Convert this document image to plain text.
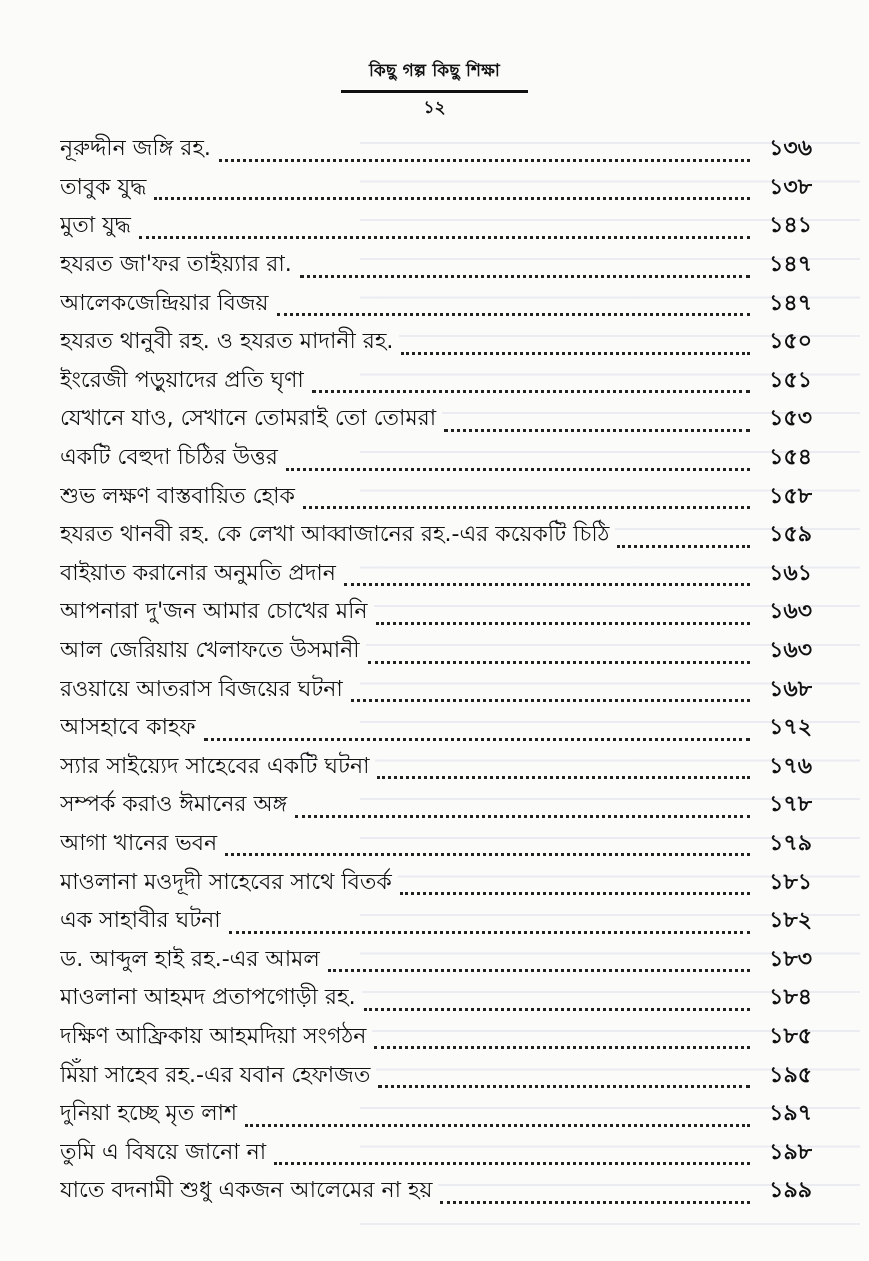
কিছু গল্প কিছু শিক্ষা
১২
নূরুদ্দীন জঙ্গি রহ.	১৩৬
তাবুক যুদ্ধ	১৩৮
মুতা যুদ্ধ	১৪১
হযরত জা'ফর তাইয়্যার রা.	১৪৭
আলেকজেন্দ্রিয়ার বিজয়	১৪৭
হযরত থানুবী রহ. ও হযরত মাদানী রহ.	১৫০
ইংরেজী পড়ুয়াদের প্রতি ঘৃণা	১৫১
যেখানে যাও, সেখানে তোমরাই তো তোমরা	১৫৩
একটি বেহুদা চিঠির উত্তর	১৫৪
শুভ লক্ষণ বাস্তবায়িত হোক	১৫৮
হযরত থানবী রহ. কে লেখা আব্বাজানের রহ.-এর কয়েকটি চিঠি	১৫৯
বাইয়াত করানোর অনুমতি প্রদান	১৬১
আপনারা দু'জন আমার চোখের মনি	১৬৩
আল জেরিয়ায় খেলাফতে উসমানী	১৬৩
রওয়ায়ে আতরাস বিজয়ের ঘটনা	১৬৮
আসহাবে কাহফ	১৭২
স্যার সাইয়্যেদ সাহেবের একটি ঘটনা	১৭৬
সম্পর্ক করাও ঈমানের অঙ্গ	১৭৮
আগা খানের ভবন	১৭৯
মাওলানা মওদূদী সাহেবের সাথে বিতর্ক	১৮১
এক সাহাবীর ঘটনা	১৮২
ড. আব্দুল হাই রহ.-এর আমল	১৮৩
মাওলানা আহমদ প্রতাপগোড়ী রহ.	১৮৪
দক্ষিণ আফ্রিকায় আহমদিয়া সংগঠন	১৮৫
মিঁয়া সাহেব রহ.-এর যবান হেফাজত	১৯৫
দুনিয়া হচ্ছে মৃত লাশ	১৯৭
তুমি এ বিষয়ে জানো না	১৯৮
যাতে বদনামী শুধু একজন আলেমের না হয়	১৯৯
